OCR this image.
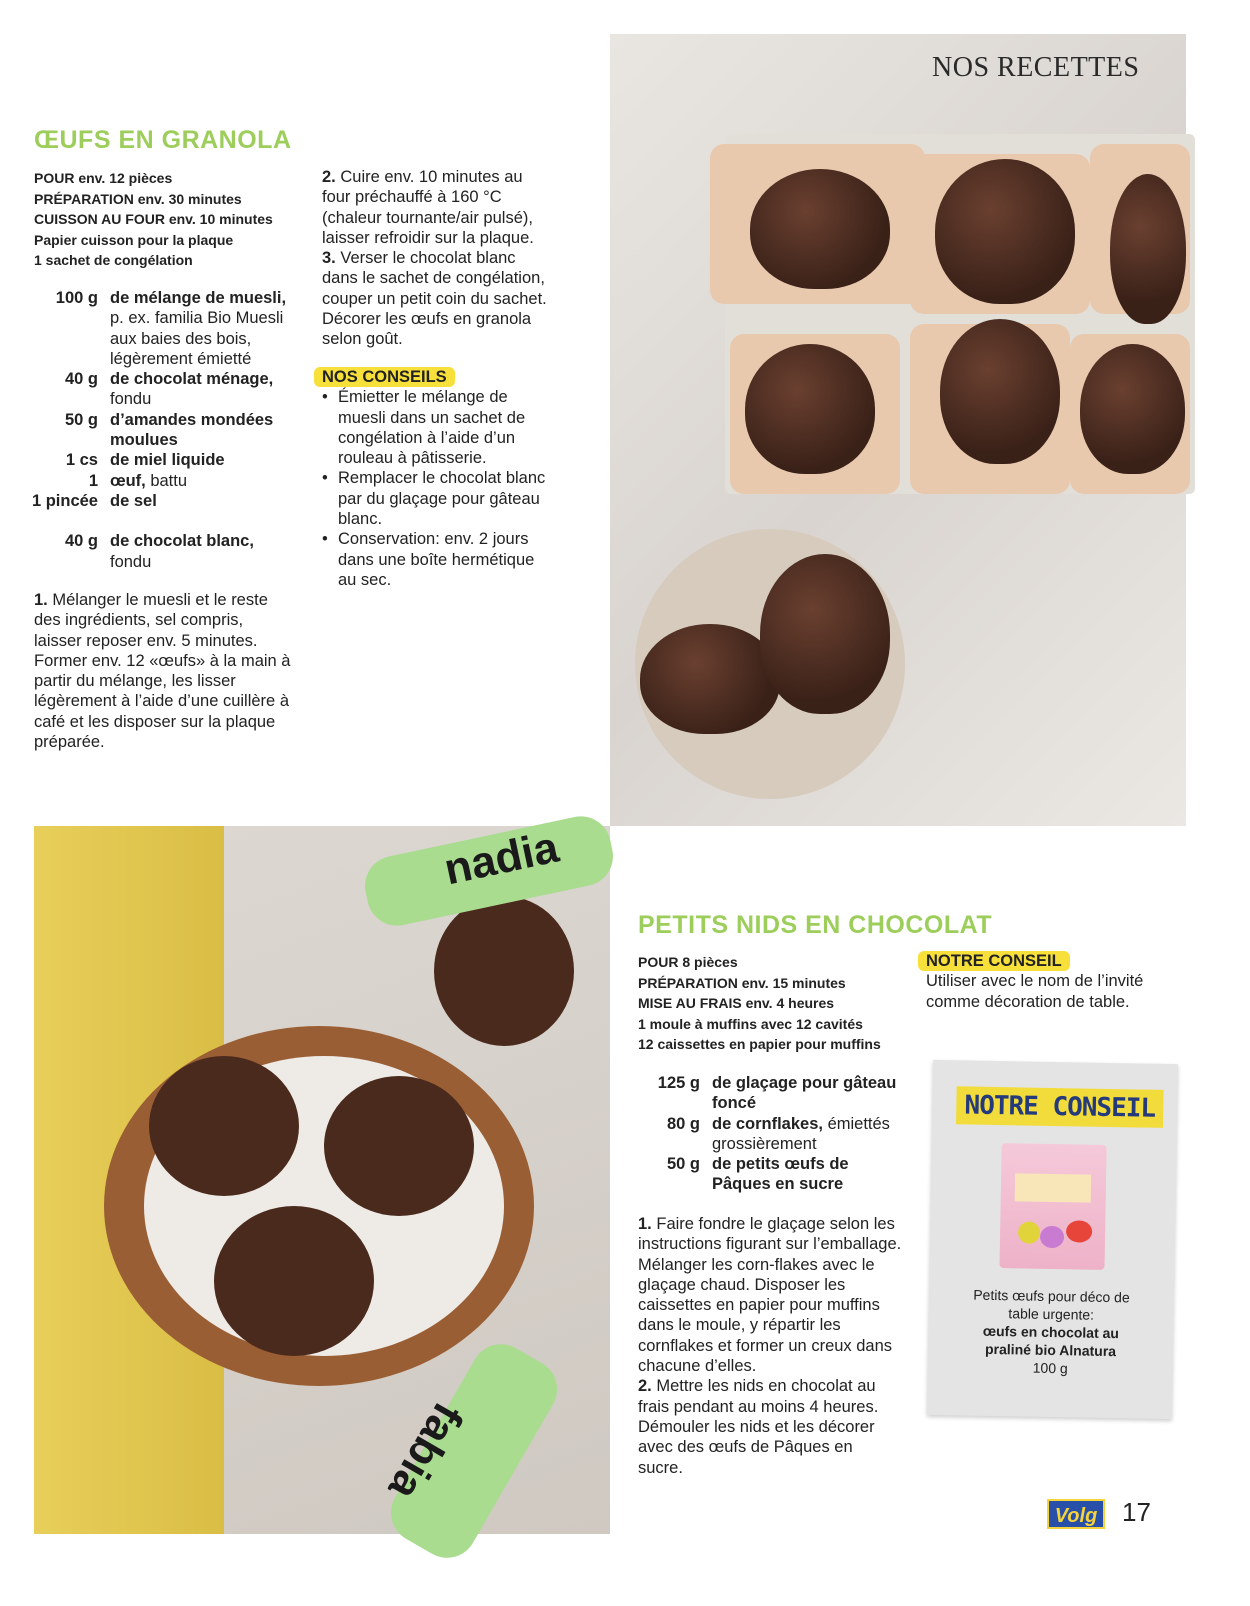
NOS RECETTES
ŒUFS EN GRANOLA
POUR env. 12 pièces
PRÉPARATION env. 30 minutes
CUISSON AU FOUR env. 10 minutes
Papier cuisson pour la plaque
1 sachet de congélation
100 g de mélange de muesli, p. ex. familia Bio Muesli aux baies des bois, légèrement émietté
40 g de chocolat ménage, fondu
50 g d’amandes mondées moulues
1 cs de miel liquide
1 œuf, battu
1 pincée de sel
40 g de chocolat blanc, fondu
1. Mélanger le muesli et le reste des ingrédients, sel compris, laisser reposer env. 5 minutes. Former env. 12 «œufs» à la main à partir du mélange, les lisser légèrement à l’aide d’une cuillère à café et les disposer sur la plaque préparée.
2. Cuire env. 10 minutes au four préchauffé à 160 °C (chaleur tournante/air pulsé), laisser refroidir sur la plaque.
3. Verser le chocolat blanc dans le sachet de congélation, couper un petit coin du sachet. Décorer les œufs en granola selon goût.
NOS CONSEILS
• Émietter le mélange de muesli dans un sachet de congélation à l’aide d’un rouleau à pâtisserie.
• Remplacer le chocolat blanc par du glaçage pour gâteau blanc.
• Conservation: env. 2 jours dans une boîte hermétique au sec.
nadia
fabia
PETITS NIDS EN CHOCOLAT
POUR 8 pièces
PRÉPARATION env. 15 minutes
MISE AU FRAIS env. 4 heures
1 moule à muffins avec 12 cavités
12 caissettes en papier pour muffins
125 g de glaçage pour gâteau foncé
80 g de cornflakes, émiettés grossièrement
50 g de petits œufs de Pâques en sucre
1. Faire fondre le glaçage selon les instructions figurant sur l’emballage. Mélanger les corn-flakes avec le glaçage chaud. Disposer les caissettes en papier pour muffins dans le moule, y répartir les cornflakes et former un creux dans chacune d’elles.
2. Mettre les nids en chocolat au frais pendant au moins 4 heures. Démouler les nids et les décorer avec des œufs de Pâques en sucre.
NOTRE CONSEIL
Utiliser avec le nom de l’invité comme décoration de table.
NOTRE CONSEIL
Petits œufs pour déco de table urgente:
œufs en chocolat au praliné bio Alnatura
100 g
Volg 17
